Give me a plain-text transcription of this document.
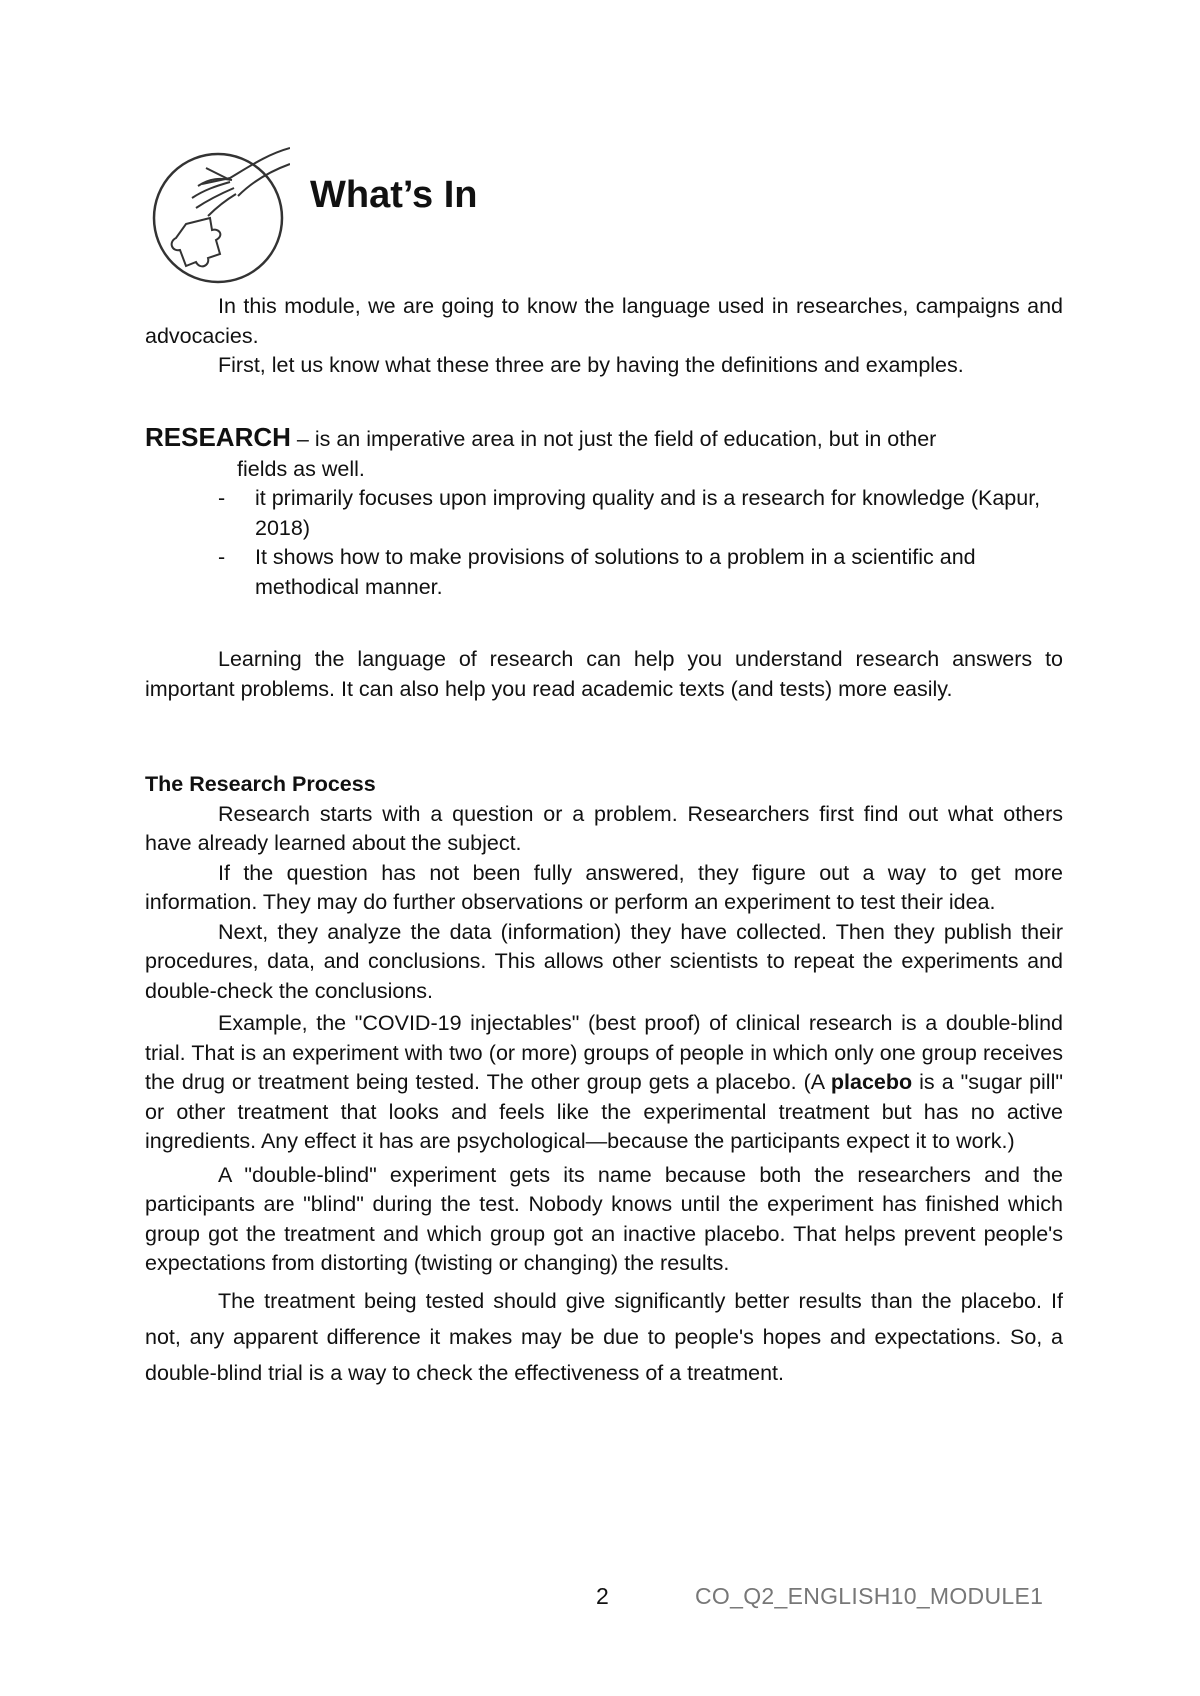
What’s In

In this module, we are going to know the language used in researches, campaigns and advocacies.

First, let us know what these three are by having the definitions and examples.

RESEARCH – is an imperative area in not just the field of education, but in other

fields as well.

- it primarily focuses upon improving quality and is a research for knowledge (Kapur, 2018)

- It shows how to make provisions of solutions to a problem in a scientific and methodical manner.

Learning the language of research can help you understand research answers to important problems. It can also help you read academic texts (and tests) more easily.

The Research Process

Research starts with a question or a problem. Researchers first find out what others have already learned about the subject.

If the question has not been fully answered, they figure out a way to get more information. They may do further observations or perform an experiment to test their idea.

Next, they analyze the data (information) they have collected. Then they publish their procedures, data, and conclusions. This allows other scientists to repeat the experiments and double-check the conclusions.

Example, the "COVID-19 injectables" (best proof) of clinical research is a double-blind trial. That is an experiment with two (or more) groups of people in which only one group receives the drug or treatment being tested. The other group gets a placebo. (A placebo is a "sugar pill" or other treatment that looks and feels like the experimental treatment but has no active ingredients. Any effect it has are psychological—because the participants expect it to work.)

A "double-blind" experiment gets its name because both the researchers and the participants are "blind" during the test. Nobody knows until the experiment has finished which group got the treatment and which group got an inactive placebo. That helps prevent people's expectations from distorting (twisting or changing) the results.

The treatment being tested should give significantly better results than the placebo. If not, any apparent difference it makes may be due to people's hopes and expectations. So, a double-blind trial is a way to check the effectiveness of a treatment.

2	CO_Q2_ENGLISH10_MODULE1
